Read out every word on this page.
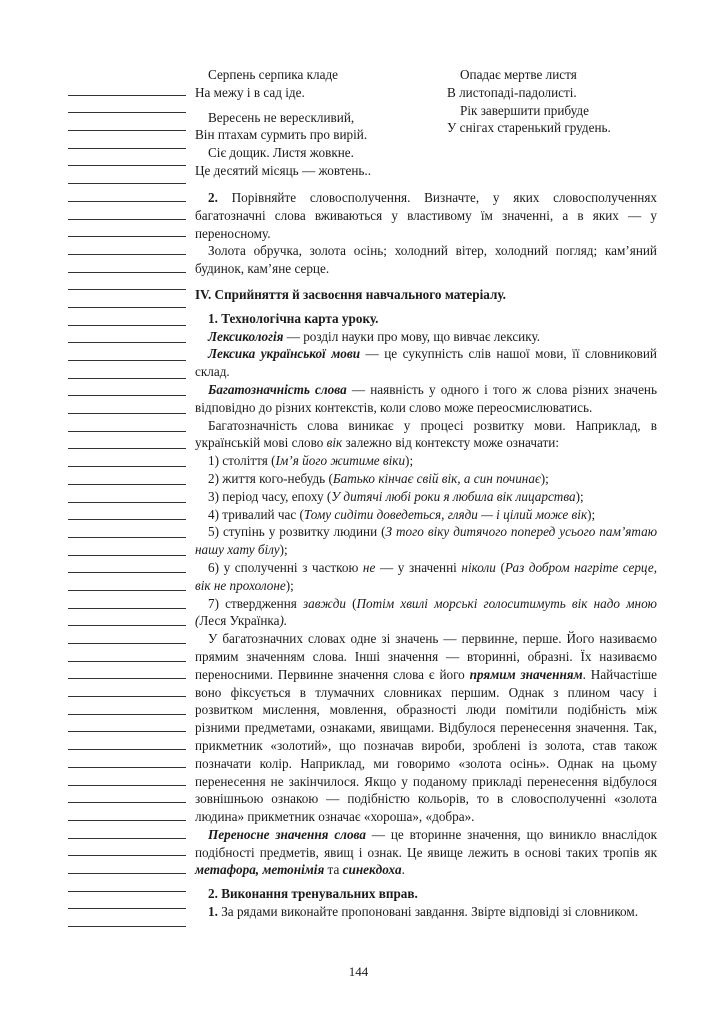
Серпень серпика кладе

На межу і в сад іде.

Вересень не верескливий,

Він птахам сурмить про вирій.

Сіє дощик. Листя жовкне.

Це десятий місяць — жовтень..

Опадає мертве листя

В листопаді-падолисті.

Рік завершити прибуде

У снігах старенький грудень.

2. Порівняйте словосполучення. Визначте, у яких словосполученнях багатозначні слова вживаються у властивому їм значенні, а в яких — у переносному.

Золота обручка, золота осінь; холодний вітер, холодний погляд; кам’яний будинок, кам’яне серце.

IV. Сприйняття й засвоєння навчального матеріалу.

1. Технологічна карта уроку.

Лексикологія — розділ науки про мову, що вивчає лексику.

Лексика української мови — це сукупність слів нашої мови, її словниковий склад.

Багатозначність слова — наявність у одного і того ж слова різних значень відповідно до різних контекстів, коли слово може переосмислюватись.

Багатозначність слова виникає у процесі розвитку мови. Наприклад, в українській мові слово вік залежно від контексту може означати:

1) століття (Ім’я його житиме віки);

2) життя кого-небудь (Батько кінчає свій вік, а син починає);

3) період часу, епоху (У дитячі любі роки я любила вік лицарства);

4) тривалий час (Тому сидіти доведеться, гляди — і цілий може вік);

5) ступінь у розвитку людини (З того віку дитячого поперед усього пам’ятаю нашу хату білу);

6) у сполученні з часткою не — у значенні ніколи (Раз добром нагріте серце, вік не прохолоне);

7) ствердження завжди (Потім хвилі морські голоситимуть вік надо мною (Леся Українка).

У багатозначних словах одне зі значень — первинне, перше. Його називаємо прямим значенням слова. Інші значення — вторинні, образні. Їх називаємо переносними. Первинне значення слова є його прямим значенням. Найчастіше воно фіксується в тлумачних словниках першим. Однак з плином часу і розвитком мислення, мовлення, образності люди помітили подібність між різними предметами, ознаками, явищами. Відбулося перенесення значення. Так, прикметник «золотий», що позначав вироби, зроблені із золота, став також позначати колір. Наприклад, ми говоримо «золота осінь». Однак на цьому перенесення не закінчилося. Якщо у поданому прикладі перенесення відбулося зовнішньою ознакою — подібністю кольорів, то в словосполученні «золота людина» прикметник означає «хороша», «добра».

Переносне значення слова — це вторинне значення, що виникло внаслідок подібності предметів, явищ і ознак. Це явище лежить в основі таких тропів як метафора, метонімія та синекдоха.

2. Виконання тренувальних вправ.

1. За рядами виконайте пропоновані завдання. Звірте відповіді зі словником.

144
